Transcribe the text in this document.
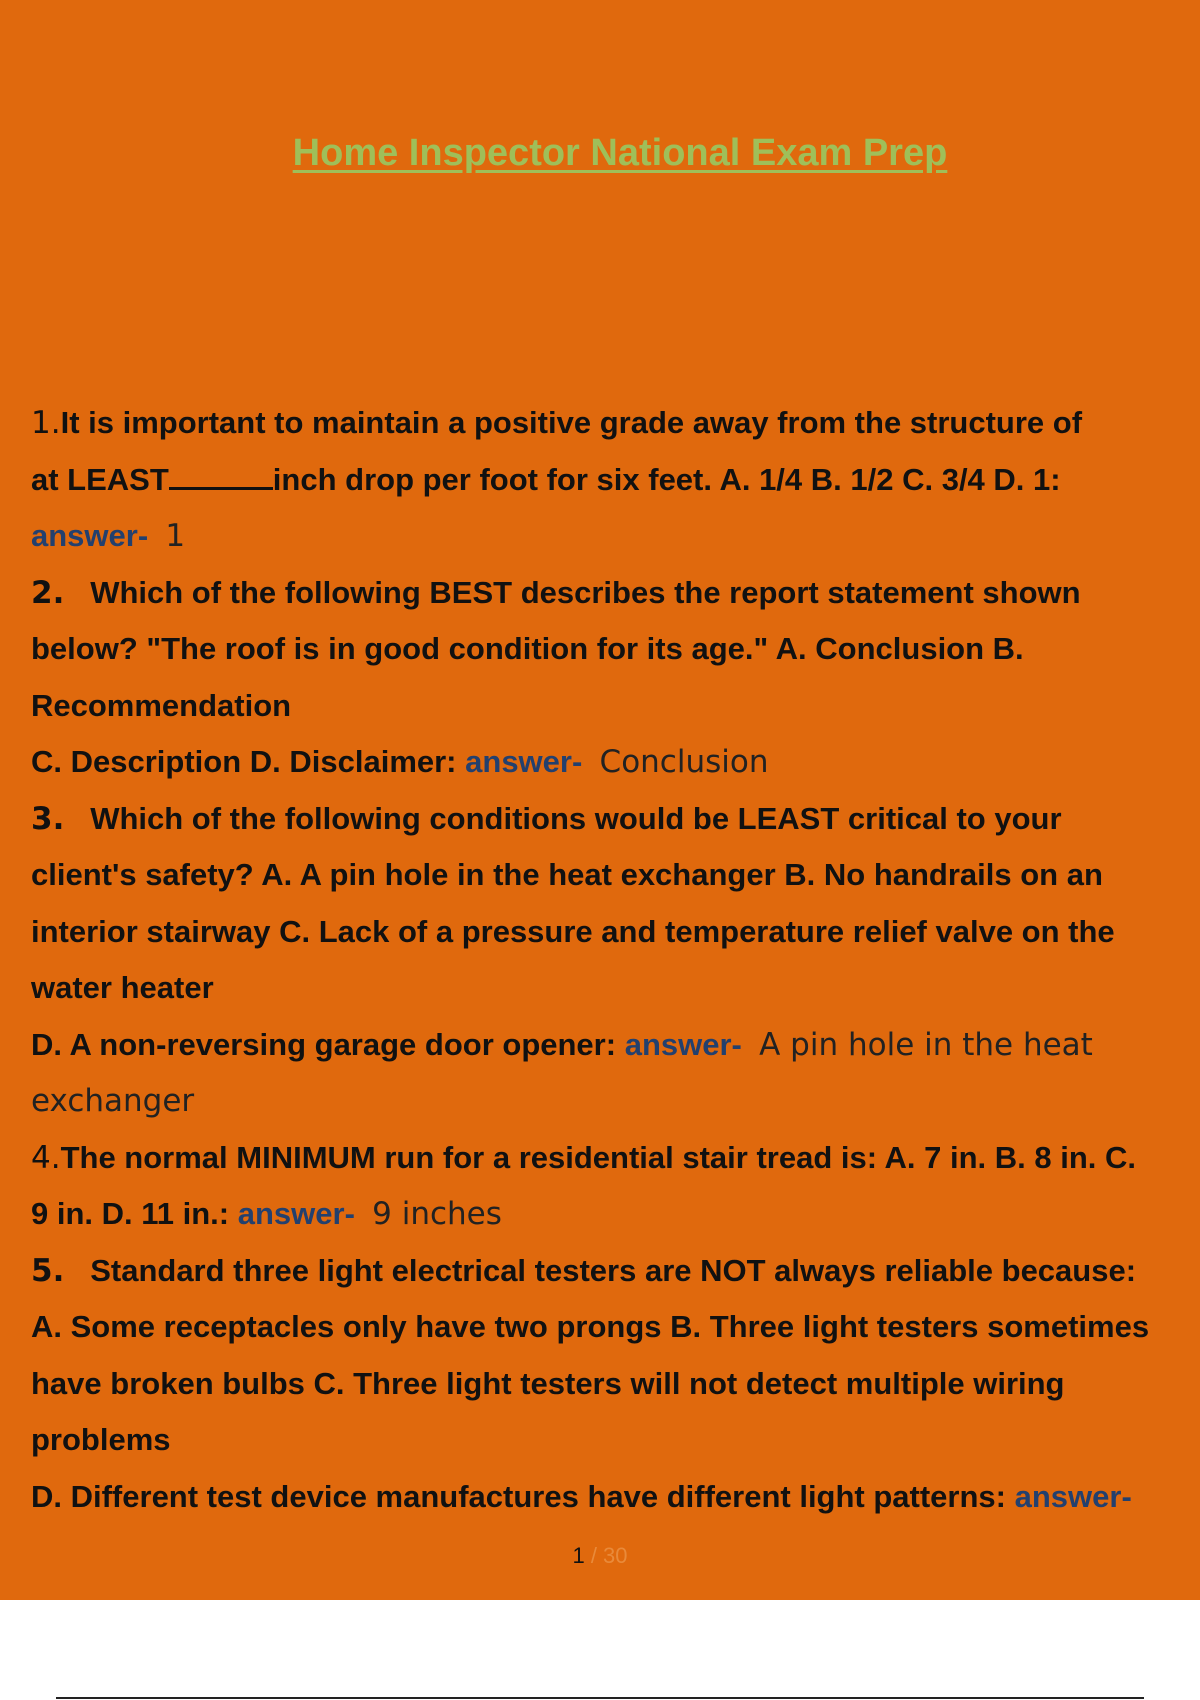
Home Inspector National Exam Prep
1.It is important to maintain a positive grade away from the structure of
at LEAST	inch drop per foot for six feet. A. 1/4 B. 1/2 C. 3/4 D. 1:
answer- 1
2. Which of the following BEST describes the report statement shown
below? "The roof is in good condition for its age." A. Conclusion B.
Recommendation
C. Description D. Disclaimer: answer- Conclusion
3. Which of the following conditions would be LEAST critical to your
client's safety? A. A pin hole in the heat exchanger B. No handrails on an
interior stairway C. Lack of a pressure and temperature relief valve on the
water heater
D. A non-reversing garage door opener: answer- A pin hole in the heat
exchanger
4.The normal MINIMUM run for a residential stair tread is: A. 7 in. B. 8 in. C.
9 in. D. 11 in.: answer- 9 inches
5. Standard three light electrical testers are NOT always reliable because:
A. Some receptacles only have two prongs B. Three light testers sometimes
have broken bulbs C. Three light testers will not detect multiple wiring
problems
D. Different test device manufactures have different light patterns: answer-
1 / 30
